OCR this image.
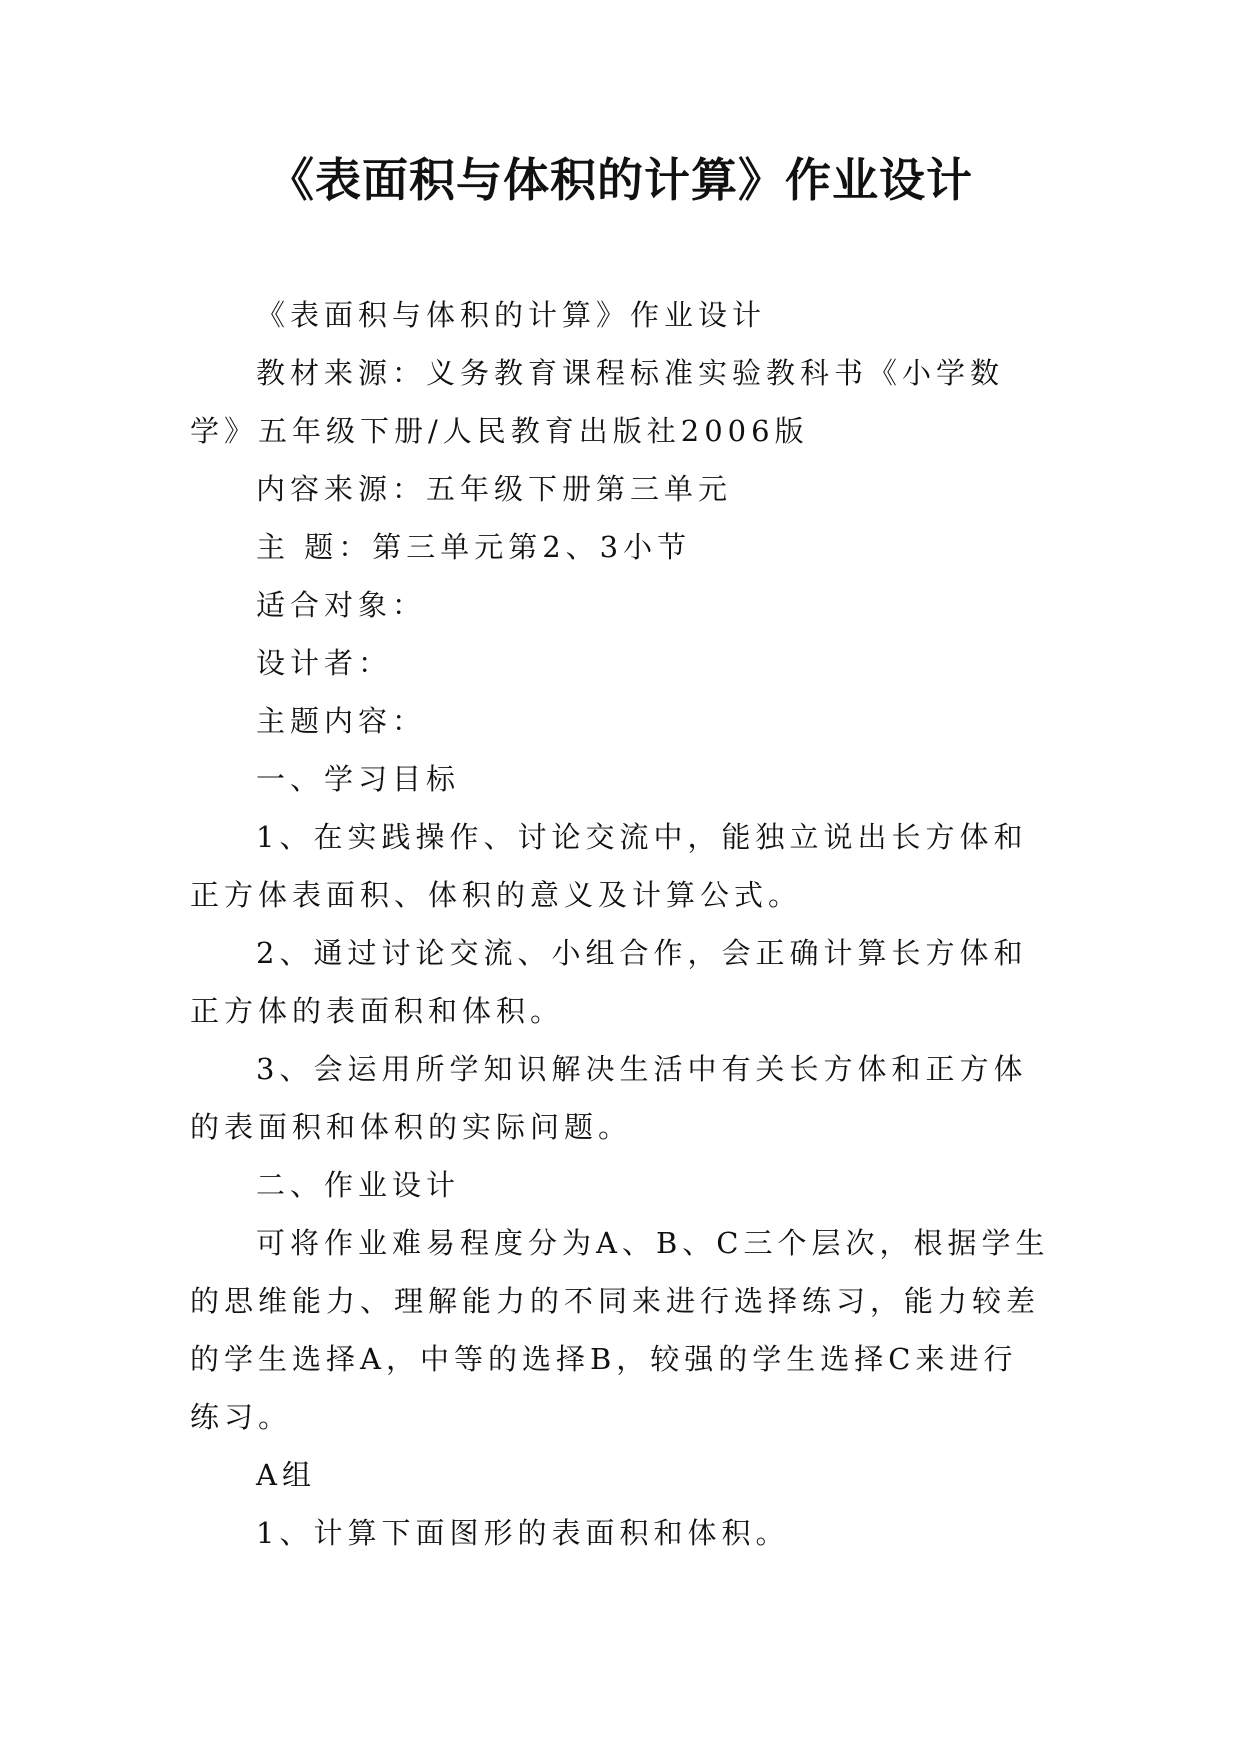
《表面积与体积的计算》作业设计

《表面积与体积的计算》作业设计

教材来源：义务教育课程标准实验教科书《小学数学》五年级下册/人民教育出版社2006版

内容来源：五年级下册第三单元

主 题：第三单元第2、3小节

适合对象：

设计者：

主题内容：

一、学习目标

1、在实践操作、讨论交流中，能独立说出长方体和正方体表面积、体积的意义及计算公式。

2、通过讨论交流、小组合作，会正确计算长方体和正方体的表面积和体积。

3、会运用所学知识解决生活中有关长方体和正方体的表面积和体积的实际问题。

二、作业设计

可将作业难易程度分为A、B、C三个层次，根据学生的思维能力、理解能力的不同来进行选择练习，能力较差的学生选择A，中等的选择B，较强的学生选择C来进行练习。

A组

1、计算下面图形的表面积和体积。
